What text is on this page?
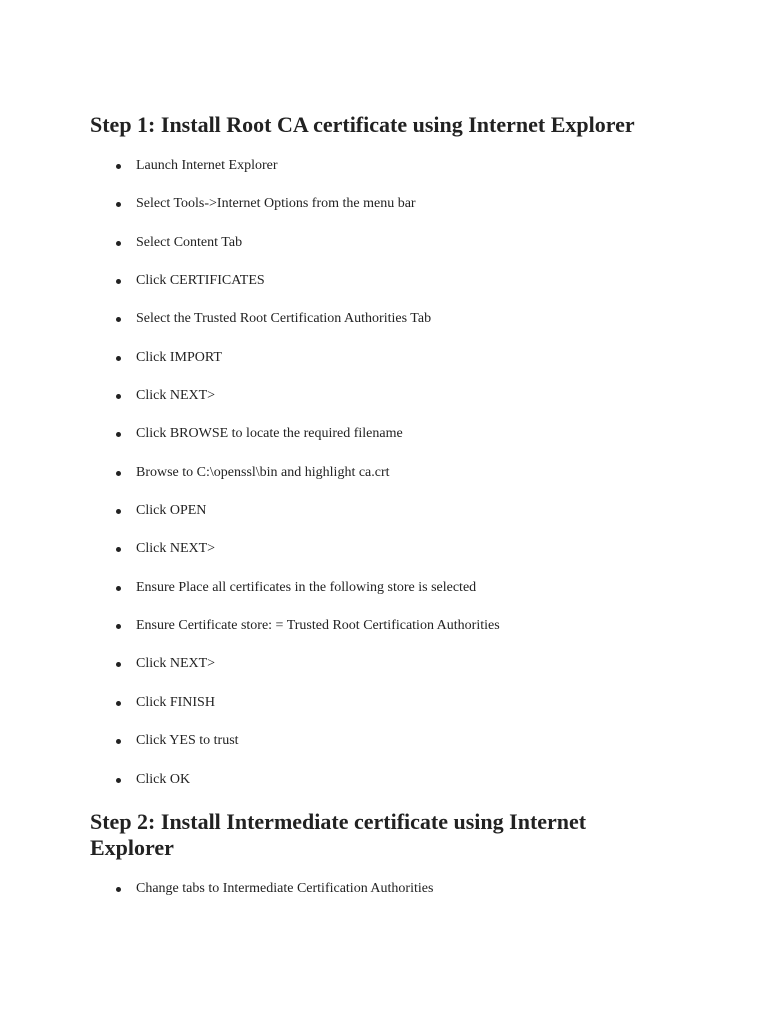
Step 1: Install Root CA certificate using Internet Explorer
Launch Internet Explorer
Select Tools->Internet Options from the menu bar
Select Content Tab
Click CERTIFICATES
Select the Trusted Root Certification Authorities Tab
Click IMPORT
Click NEXT>
Click BROWSE to locate the required filename
Browse to C:\openssl\bin and highlight ca.crt
Click OPEN
Click NEXT>
Ensure Place all certificates in the following store is selected
Ensure Certificate store: = Trusted Root Certification Authorities
Click NEXT>
Click FINISH
Click YES to trust
Click OK
Step 2: Install Intermediate certificate using Internet Explorer
Change tabs to Intermediate Certification Authorities
